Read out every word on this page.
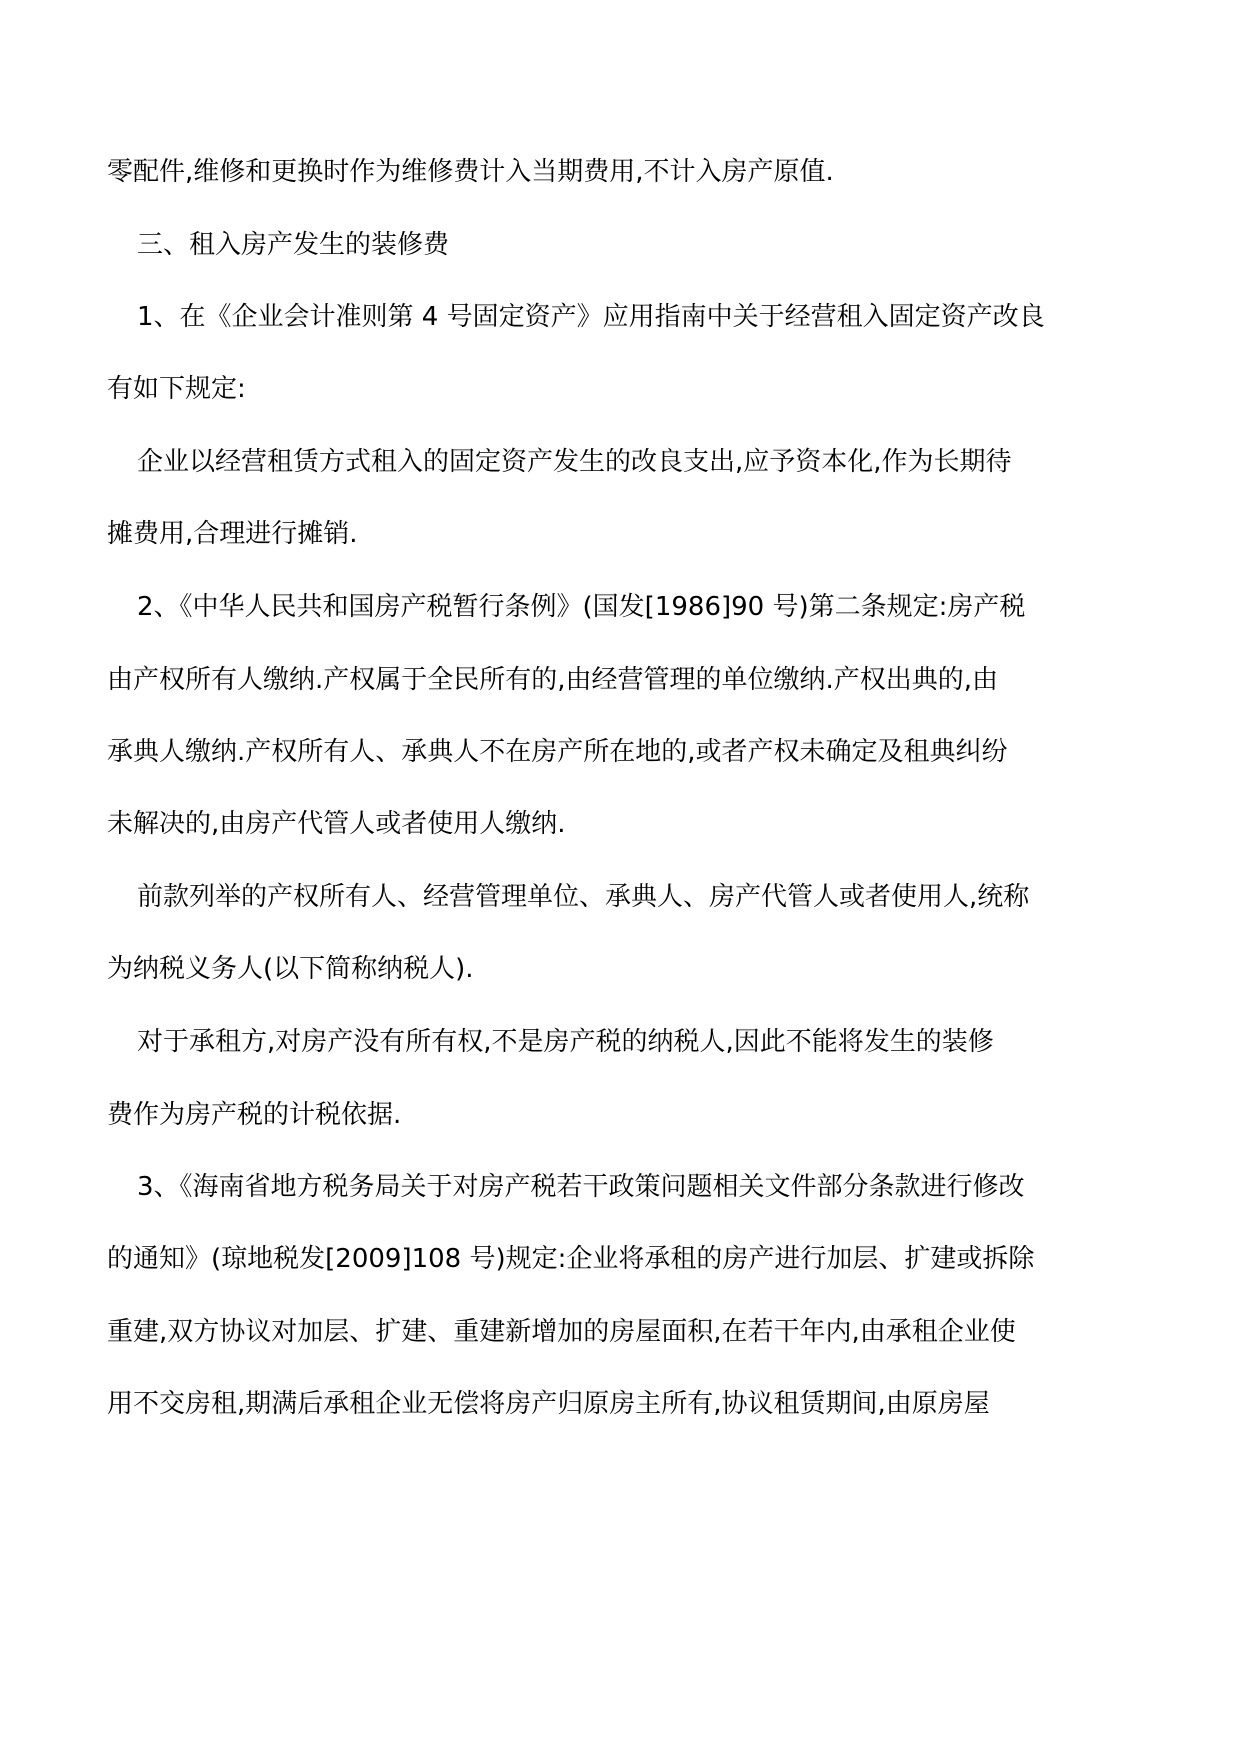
零配件,维修和更换时作为维修费计入当期费用,不计入房产原值.

三、租入房产发生的装修费

1、在《企业会计准则第 4 号固定资产》应用指南中关于经营租入固定资产改良

有如下规定:

企业以经营租赁方式租入的固定资产发生的改良支出,应予资本化,作为长期待

摊费用,合理进行摊销.

2、《中华人民共和国房产税暂行条例》(国发[1986]90 号)第二条规定:房产税

由产权所有人缴纳.产权属于全民所有的,由经营管理的单位缴纳.产权出典的,由

承典人缴纳.产权所有人、承典人不在房产所在地的,或者产权未确定及租典纠纷

未解决的,由房产代管人或者使用人缴纳.

前款列举的产权所有人、经营管理单位、承典人、房产代管人或者使用人,统称

为纳税义务人(以下简称纳税人).

对于承租方,对房产没有所有权,不是房产税的纳税人,因此不能将发生的装修

费作为房产税的计税依据.

3、《海南省地方税务局关于对房产税若干政策问题相关文件部分条款进行修改

的通知》(琼地税发[2009]108 号)规定:企业将承租的房产进行加层、扩建或拆除

重建,双方协议对加层、扩建、重建新增加的房屋面积,在若干年内,由承租企业使

用不交房租,期满后承租企业无偿将房产归原房主所有,协议租赁期间,由原房屋
